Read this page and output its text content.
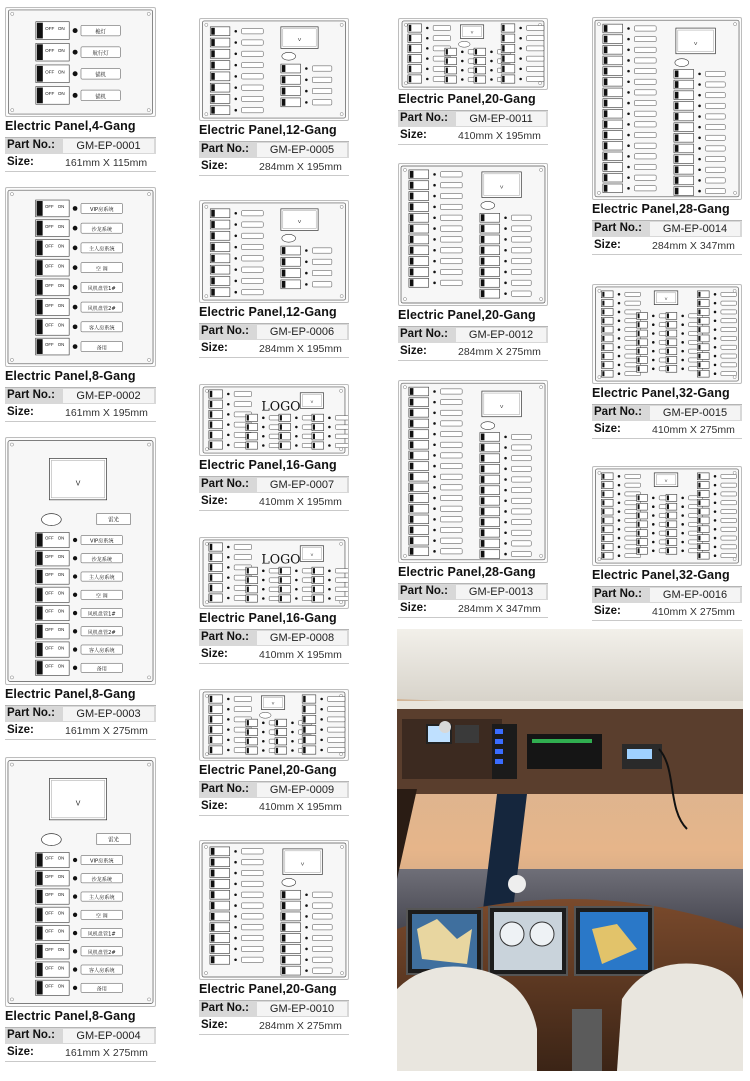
OFF ON
桅灯
OFF ON
航行灯
OFF ON
锚机
OFF ON
锚机
Electric Panel,4-Gang
Part No.:	GM-EP-0001
Size:	161mm X 115mm
OFF ON
VIP房系统
OFF ON
沙龙系统
OFF ON
主人房系统
OFF ON
空 调
OFF ON
风机盘管1#
OFF ON
风机盘管2#
OFF ON
客人房系统
OFF ON
备用
Electric Panel,8-Gang
Part No.:	GM-EP-0002
Size:	161mm X 195mm
V
雷光
OFF ON
VIP房系统
OFF ON
沙龙系统
OFF ON
主人房系统
OFF ON
空 调
OFF ON
风机盘管1#
OFF ON
风机盘管2#
OFF ON
客人房系统
OFF ON
备用
Electric Panel,8-Gang
Part No.:	GM-EP-0003
Size:	161mm X 275mm
V
雷光
OFF ON
VIP房系统
OFF ON
沙龙系统
OFF ON
主人房系统
OFF ON
空 调
OFF ON
风机盘管1#
OFF ON
风机盘管2#
OFF ON
客人房系统
OFF ON
备用
Electric Panel,8-Gang
Part No.:	GM-EP-0004
Size:	161mm X 275mm
V
Electric Panel,12-Gang
Part No.:	GM-EP-0005
Size:	284mm X 195mm
V
Electric Panel,12-Gang
Part No.:	GM-EP-0006
Size:	284mm X 195mm
LOGO	V
Electric Panel,16-Gang
Part No.:	GM-EP-0007
Size:	410mm X 195mm
LOGO	V
Electric Panel,16-Gang
Part No.:	GM-EP-0008
Size:	410mm X 195mm
V
Electric Panel,20-Gang
Part No.:	GM-EP-0009
Size:	410mm X 195mm
V
Electric Panel,20-Gang
Part No.:	GM-EP-0010
Size:	284mm X 275mm
V
Electric Panel,20-Gang
Part No.:	GM-EP-0011
Size:	410mm X 195mm
V
Electric Panel,20-Gang
Part No.:	GM-EP-0012
Size:	284mm X 275mm
V
Electric Panel,28-Gang
Part No.:	GM-EP-0013
Size:	284mm X 347mm
V
Electric Panel,28-Gang
Part No.:	GM-EP-0014
Size:	284mm X 347mm
V
Electric Panel,32-Gang
Part No.:	GM-EP-0015
Size:	410mm X 275mm
V
Electric Panel,32-Gang
Part No.:	GM-EP-0016
Size:	410mm X 275mm
